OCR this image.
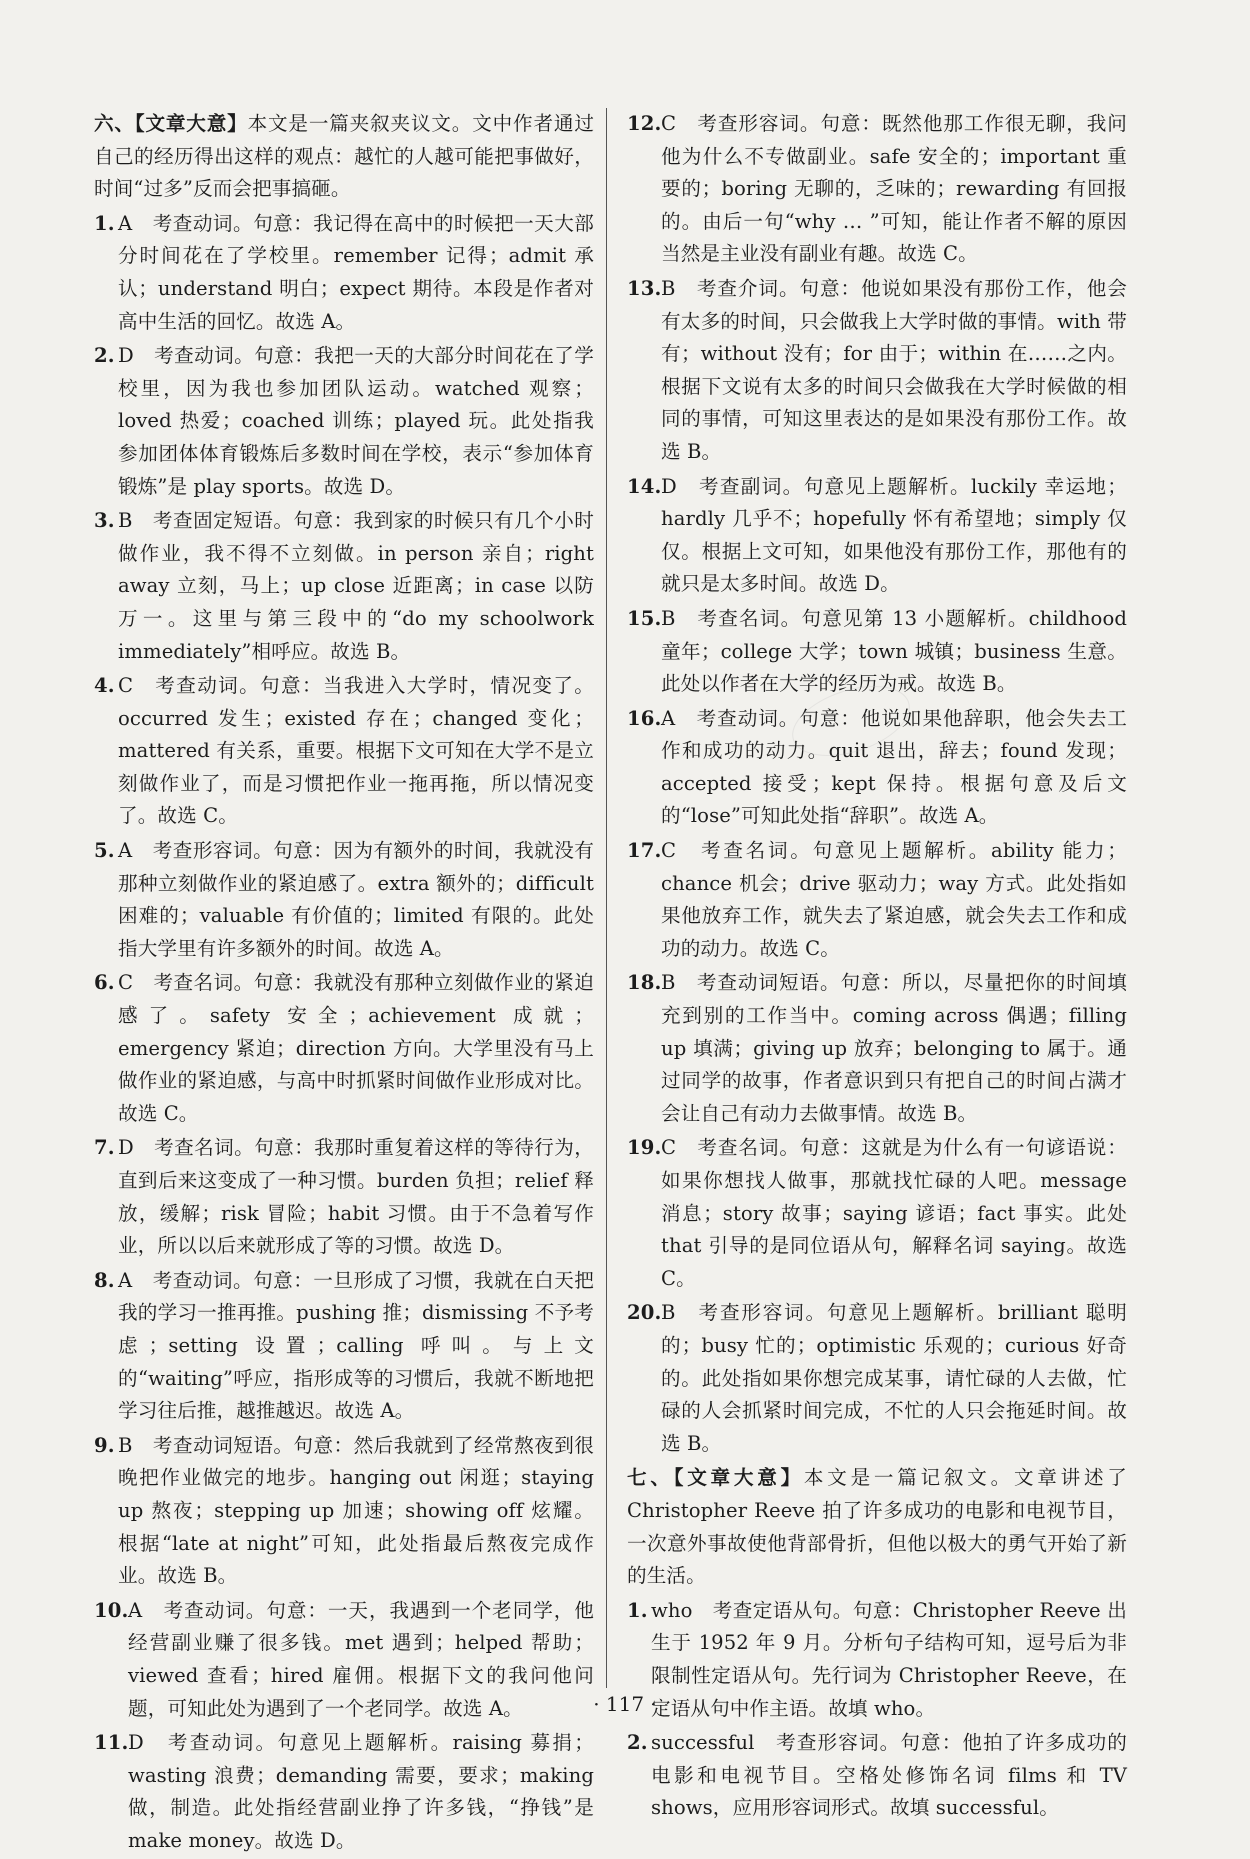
六、【文章大意】本文是一篇夹叙夹议文。文中作者通过自己的经历得出这样的观点：越忙的人越可能把事做好，时间“过多”反而会把事搞砸。

1. A　考查动词。句意：我记得在高中的时候把一天大部分时间花在了学校里。remember 记得；admit 承认；understand 明白；expect 期待。本段是作者对高中生活的回忆。故选 A。
2. D　考查动词。句意：我把一天的大部分时间花在了学校里，因为我也参加团队运动。watched 观察；loved 热爱；coached 训练；played 玩。此处指我参加团体体育锻炼后多数时间在学校，表示“参加体育锻炼”是 play sports。故选 D。
3. B　考查固定短语。句意：我到家的时候只有几个小时做作业，我不得不立刻做。in person 亲自；right away 立刻，马上；up close 近距离；in case 以防万一。这里与第三段中的“do my schoolwork immediately”相呼应。故选 B。
4. C　考查动词。句意：当我进入大学时，情况变了。occurred 发生；existed 存在；changed 变化；mattered 有关系，重要。根据下文可知在大学不是立刻做作业了，而是习惯把作业一拖再拖，所以情况变了。故选 C。
5. A　考查形容词。句意：因为有额外的时间，我就没有那种立刻做作业的紧迫感了。extra 额外的；difficult 困难的；valuable 有价值的；limited 有限的。此处指大学里有许多额外的时间。故选 A。
6. C　考查名词。句意：我就没有那种立刻做作业的紧迫感了。safety 安全；achievement 成就；emergency 紧迫；direction 方向。大学里没有马上做作业的紧迫感，与高中时抓紧时间做作业形成对比。故选 C。
7. D　考查名词。句意：我那时重复着这样的等待行为，直到后来这变成了一种习惯。burden 负担；relief 释放，缓解；risk 冒险；habit 习惯。由于不急着写作业，所以以后来就形成了等的习惯。故选 D。
8. A　考查动词。句意：一旦形成了习惯，我就在白天把我的学习一推再推。pushing 推；dismissing 不予考虑；setting 设置；calling 呼叫。与上文的“waiting”呼应，指形成等的习惯后，我就不断地把学习往后推，越推越迟。故选 A。
9. B　考查动词短语。句意：然后我就到了经常熬夜到很晚把作业做完的地步。hanging out 闲逛；staying up 熬夜；stepping up 加速；showing off 炫耀。根据“late at night”可知，此处指最后熬夜完成作业。故选 B。
10. A　考查动词。句意：一天，我遇到一个老同学，他经营副业赚了很多钱。met 遇到；helped 帮助；viewed 查看；hired 雇佣。根据下文的我问他问题，可知此处为遇到了一个老同学。故选 A。
11. D　考查动词。句意见上题解析。raising 募捐；wasting 浪费；demanding 需要，要求；making 做，制造。此处指经营副业挣了许多钱，“挣钱”是 make money。故选 D。
12. C　考查形容词。句意：既然他那工作很无聊，我问他为什么不专做副业。safe 安全的；important 重要的；boring 无聊的，乏味的；rewarding 有回报的。由后一句“why … ”可知，能让作者不解的原因当然是主业没有副业有趣。故选 C。
13. B　考查介词。句意：他说如果没有那份工作，他会有太多的时间，只会做我上大学时做的事情。with 带有；without 没有；for 由于；within 在……之内。根据下文说有太多的时间只会做我在大学时候做的相同的事情，可知这里表达的是如果没有那份工作。故选 B。
14. D　考查副词。句意见上题解析。luckily 幸运地；hardly 几乎不；hopefully 怀有希望地；simply 仅仅。根据上文可知，如果他没有那份工作，那他有的就只是太多时间。故选 D。
15. B　考查名词。句意见第 13 小题解析。childhood 童年；college 大学；town 城镇；business 生意。此处以作者在大学的经历为戒。故选 B。
16. A　考查动词。句意：他说如果他辞职，他会失去工作和成功的动力。quit 退出，辞去；found 发现；accepted 接受；kept 保持。根据句意及后文的“lose”可知此处指“辞职”。故选 A。
17. C　考查名词。句意见上题解析。ability 能力；chance 机会；drive 驱动力；way 方式。此处指如果他放弃工作，就失去了紧迫感，就会失去工作和成功的动力。故选 C。
18. B　考查动词短语。句意：所以，尽量把你的时间填充到别的工作当中。coming across 偶遇；filling up 填满；giving up 放弃；belonging to 属于。通过同学的故事，作者意识到只有把自己的时间占满才会让自己有动力去做事情。故选 B。
19. C　考查名词。句意：这就是为什么有一句谚语说：如果你想找人做事，那就找忙碌的人吧。message 消息；story 故事；saying 谚语；fact 事实。此处 that 引导的是同位语从句，解释名词 saying。故选 C。
20. B　考查形容词。句意见上题解析。brilliant 聪明的；busy 忙的；optimistic 乐观的；curious 好奇的。此处指如果你想完成某事，请忙碌的人去做，忙碌的人会抓紧时间完成，不忙的人只会拖延时间。故选 B。

七、【文章大意】本文是一篇记叙文。文章讲述了 Christopher Reeve 拍了许多成功的电影和电视节目，一次意外事故使他背部骨折，但他以极大的勇气开始了新的生活。

1. who　考查定语从句。句意：Christopher Reeve 出生于 1952 年 9 月。分析句子结构可知，逗号后为非限制性定语从句。先行词为 Christopher Reeve，在定语从句中作主语。故填 who。
2. successful　考查形容词。句意：他拍了许多成功的电影和电视节目。空格处修饰名词 films 和 TV shows，应用形容词形式。故填 successful。
· 117 ·
